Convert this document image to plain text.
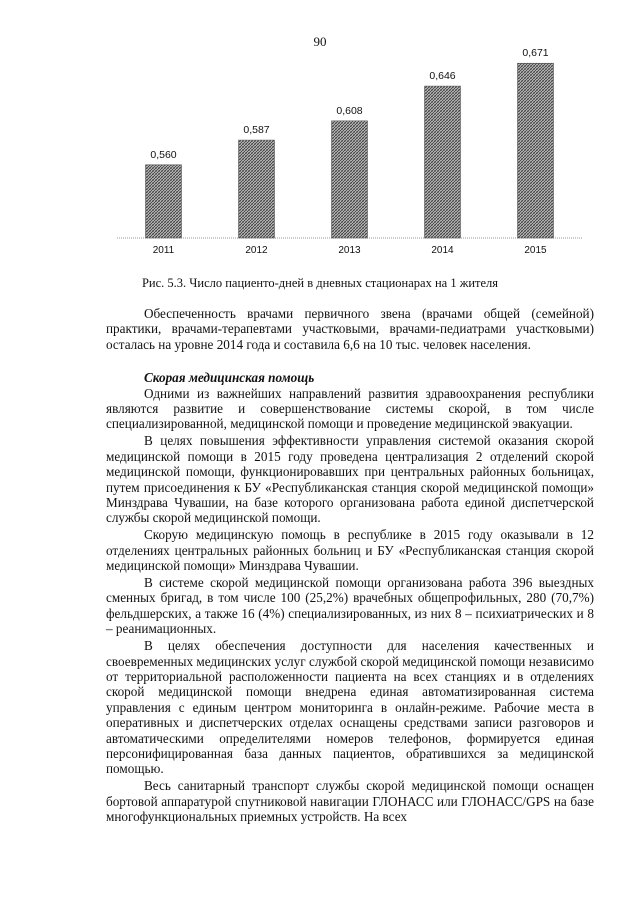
90
0,560
2011
0,587
2012
0,608
2013
0,646
2014
0,671
2015
Рис. 5.3. Число пациенто-дней в дневных стационарах на 1 жителя

Обеспеченность врачами первичного звена (врачами общей (семейной) практики, врачами-терапевтами участковыми, врачами-педиатрами участковыми) осталась на уровне 2014 года и составила 6,6 на 10 тыс. человек населения.

Скорая медицинская помощь

Одними из важнейших направлений развития здравоохранения республики являются развитие и совершенствование системы скорой, в том числе специализированной, медицинской помощи и проведение медицинской эвакуации.

В целях повышения эффективности управления системой оказания скорой медицинской помощи в 2015 году проведена централизация 2 отделений скорой медицинской помощи, функционировавших при центральных районных больницах, путем присоединения к БУ «Республиканская станция скорой медицинской помощи» Минздрава Чувашии, на базе которого организована работа единой диспетчерской службы скорой медицинской помощи.

Скорую медицинскую помощь в республике в 2015 году оказывали в 12 отделениях центральных районных больниц и БУ «Республиканская станция скорой медицинской помощи» Минздрава Чувашии.

В системе скорой медицинской помощи организована работа 396 выездных сменных бригад, в том числе 100 (25,2%) врачебных общепрофильных, 280 (70,7%) фельдшерских, а также 16 (4%) специализированных, из них 8 – психиатрических и 8 – реанимационных.

В целях обеспечения доступности для населения качественных и своевременных медицинских услуг службой скорой медицинской помощи независимо от территориальной расположенности пациента на всех станциях и в отделениях скорой медицинской помощи внедрена единая автоматизированная система управления с единым центром мониторинга в онлайн-режиме. Рабочие места в оперативных и диспетчерских отделах оснащены средствами записи разговоров и автоматическими определителями номеров телефонов, формируется единая персонифицированная база данных пациентов, обратившихся за медицинской помощью.

Весь санитарный транспорт службы скорой медицинской помощи оснащен бортовой аппаратурой спутниковой навигации ГЛОНАСС или ГЛОНАСС/GPS на базе многофункциональных приемных устройств. На всех
